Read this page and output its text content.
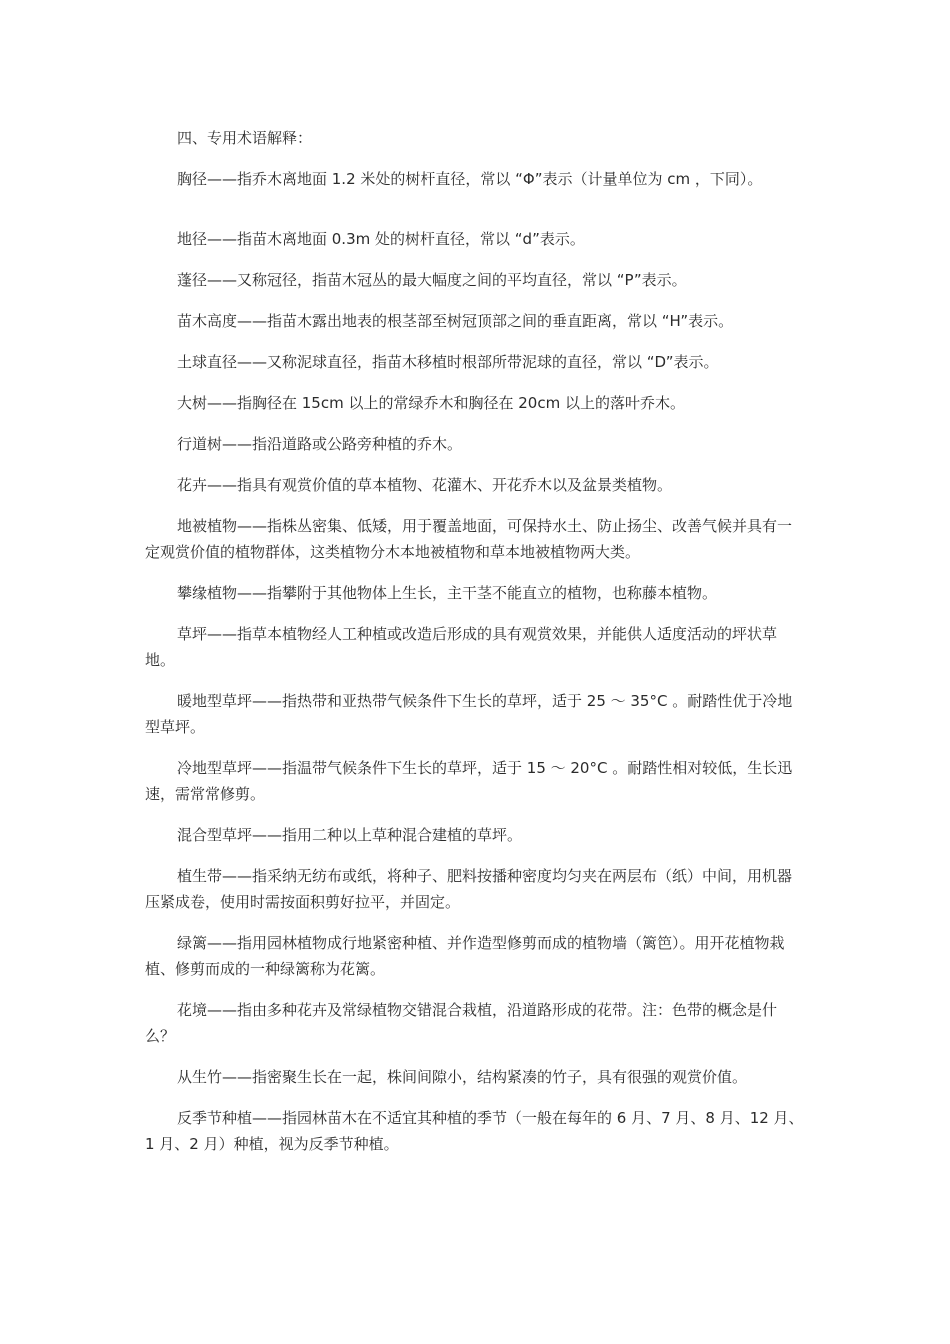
四、专用术语解释：

胸径——指乔木离地面 1.2 米处的树杆直径，常以 “Φ”表示（计量单位为 cm ，下同）。

地径——指苗木离地面 0.3m 处的树杆直径，常以 “d”表示。

蓬径——又称冠径，指苗木冠丛的最大幅度之间的平均直径，常以 “P”表示。

苗木高度——指苗木露出地表的根茎部至树冠顶部之间的垂直距离，常以 “H”表示。

土球直径——又称泥球直径，指苗木移植时根部所带泥球的直径，常以 “D”表示。

大树——指胸径在 15cm 以上的常绿乔木和胸径在 20cm 以上的落叶乔木。

行道树——指沿道路或公路旁种植的乔木。

花卉——指具有观赏价值的草本植物、花灌木、开花乔木以及盆景类植物。

地被植物——指株丛密集、低矮，用于覆盖地面，可保持水土、防止扬尘、改善气候并具有一定观赏价值的植物群体，这类植物分木本地被植物和草本地被植物两大类。

攀缘植物——指攀附于其他物体上生长，主干茎不能直立的植物，也称藤本植物。

草坪——指草本植物经人工种植或改造后形成的具有观赏效果，并能供人适度活动的坪状草地。

暖地型草坪——指热带和亚热带气候条件下生长的草坪，适于 25 ～ 35°C 。耐踏性优于冷地型草坪。

冷地型草坪——指温带气候条件下生长的草坪，适于 15 ～ 20°C 。耐踏性相对较低，生长迅速，需常常修剪。

混合型草坪——指用二种以上草种混合建植的草坪。

植生带——指采纳无纺布或纸，将种子、肥料按播种密度均匀夹在两层布（纸）中间，用机器压紧成卷，使用时需按面积剪好拉平，并固定。

绿篱——指用园林植物成行地紧密种植、并作造型修剪而成的植物墙（篱笆）。用开花植物栽植、修剪而成的一种绿篱称为花篱。

花境——指由多种花卉及常绿植物交错混合栽植，沿道路形成的花带。注：色带的概念是什么？

从生竹——指密聚生长在一起，株间间隙小，结构紧凑的竹子，具有很强的观赏价值。

反季节种植——指园林苗木在不适宜其种植的季节（一般在每年的 6 月、7 月、8 月、12 月、1 月、2 月）种植，视为反季节种植。
